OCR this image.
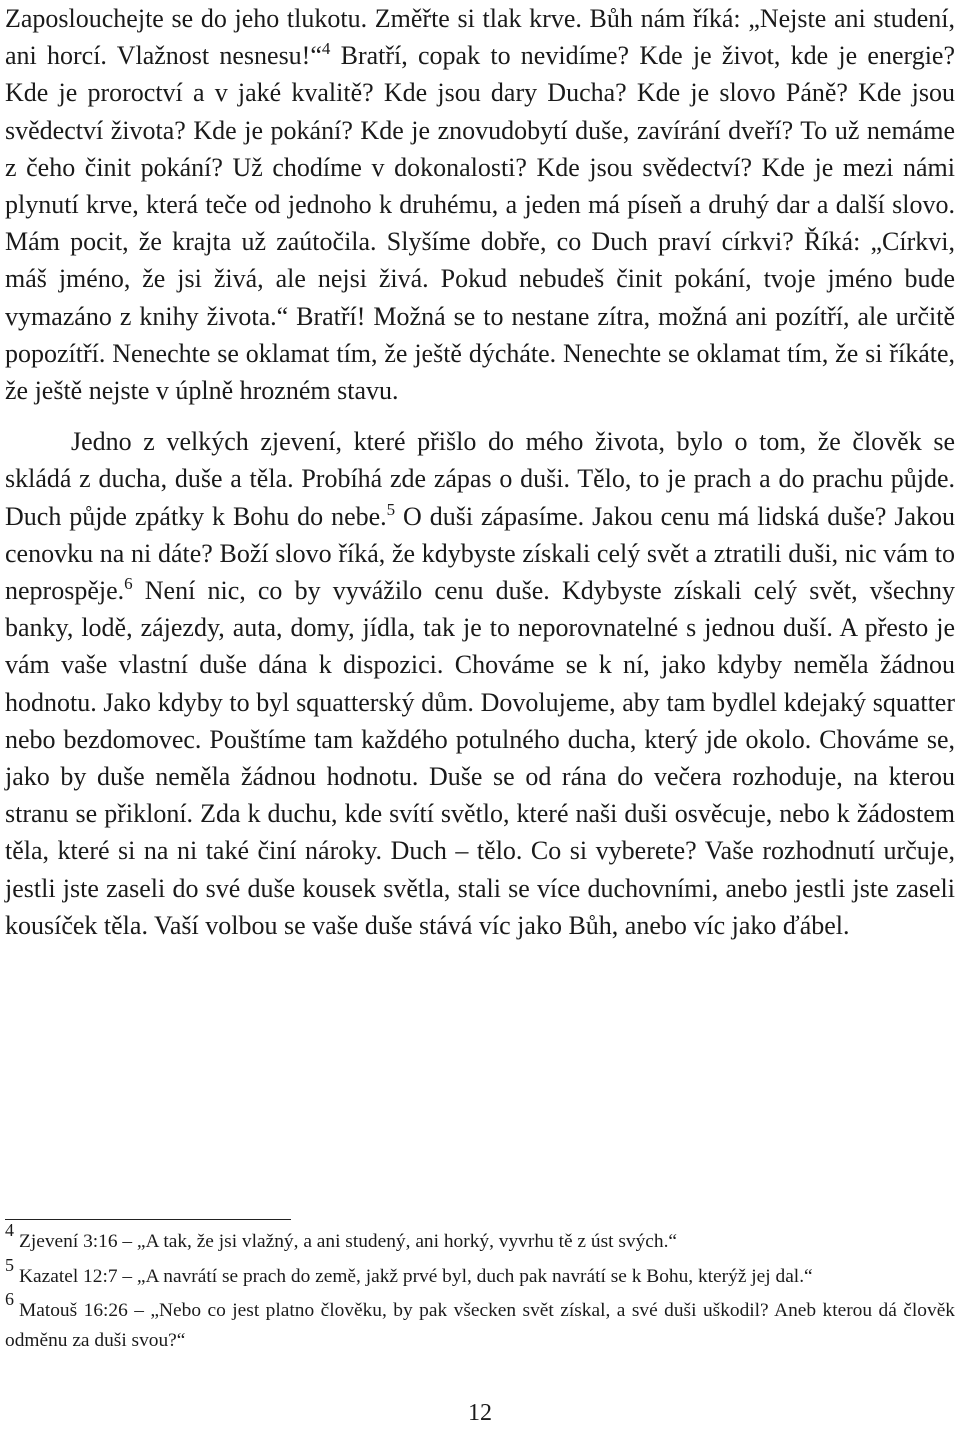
Zaposlouchejte se do jeho tlukotu. Změřte si tlak krve. Bůh nám říká: „Nejste ani studení, ani horcí. Vlažnost nesnesu!“$^4$ Bratří, copak to nevidíme? Kde je život, kde je energie? Kde je proroctví a v jaké kvalitě? Kde jsou dary Ducha? Kde je slovo Páně? Kde jsou svědectví života? Kde je pokání? Kde je znovudobytí duše, zavírání dveří? To už nemáme z čeho činit pokání? Už chodíme v dokonalosti? Kde jsou svědectví? Kde je mezi námi plynutí krve, která teče od jednoho k druhému, a jeden má píseň a druhý dar a další slovo. Mám pocit, že krajta už zaútočila. Slyšíme dobře, co Duch praví církvi? Říká: „Církvi, máš jméno, že jsi živá, ale nejsi živá. Pokud nebudeš činit pokání, tvoje jméno bude vymazáno z knihy života.“ Bratří! Možná se to nestane zítra, možná ani pozítří, ale určitě popozítří. Nenechte se oklamat tím, že ještě dýcháte. Nenechte se oklamat tím, že si říkáte, že ještě nejste v úplně hrozném stavu.

Jedno z velkých zjevení, které přišlo do mého života, bylo o tom, že člověk se skládá z ducha, duše a těla. Probíhá zde zápas o duši. Tělo, to je prach a do prachu půjde. Duch půjde zpátky k Bohu do nebe.$^5$ O duši zápasíme. Jakou cenu má lidská duše? Jakou cenovku na ni dáte? Boží slovo říká, že kdybyste získali celý svět a ztratili duši, nic vám to neprospěje.$^6$ Není nic, co by vyvážilo cenu duše. Kdybyste získali celý svět, všechny banky, lodě, zájezdy, auta, domy, jídla, tak je to neporovnatelné s jednou duší. A přesto je vám vaše vlastní duše dána k dispozici. Chováme se k ní, jako kdyby neměla žádnou hodnotu. Jako kdyby to byl squatterský dům. Dovolujeme, aby tam bydlel kdejaký squatter nebo bezdomovec. Pouštíme tam každého potulného ducha, který jde okolo. Chováme se, jako by duše neměla žádnou hodnotu. Duše se od rána do večera rozhoduje, na kterou stranu se přikloní. Zda k duchu, kde svítí světlo, které naši duši osvěcuje, nebo k žádostem těla, které si na ni také činí nároky. Duch – tělo. Co si vyberete? Vaše rozhodnutí určuje, jestli jste zaseli do své duše kousek světla, stali se více duchovními, anebo jestli jste zaseli kousíček těla. Vaší volbou se vaše duše stává víc jako Bůh, anebo víc jako ďábel.

4Zjevení 3:16 – „A tak, že jsi vlažný, a ani studený, ani horký, vyvrhu tě z úst svých.“

5Kazatel 12:7 – „A navrátí se prach do země, jakž prvé byl, duch pak navrátí se k Bohu, kterýž jej dal.“

6Matouš 16:26 – „Nebo co jest platno člověku, by pak všecken svět získal, a své duši uškodil? Aneb kterou dá člověk odměnu za duši svou?“

12
